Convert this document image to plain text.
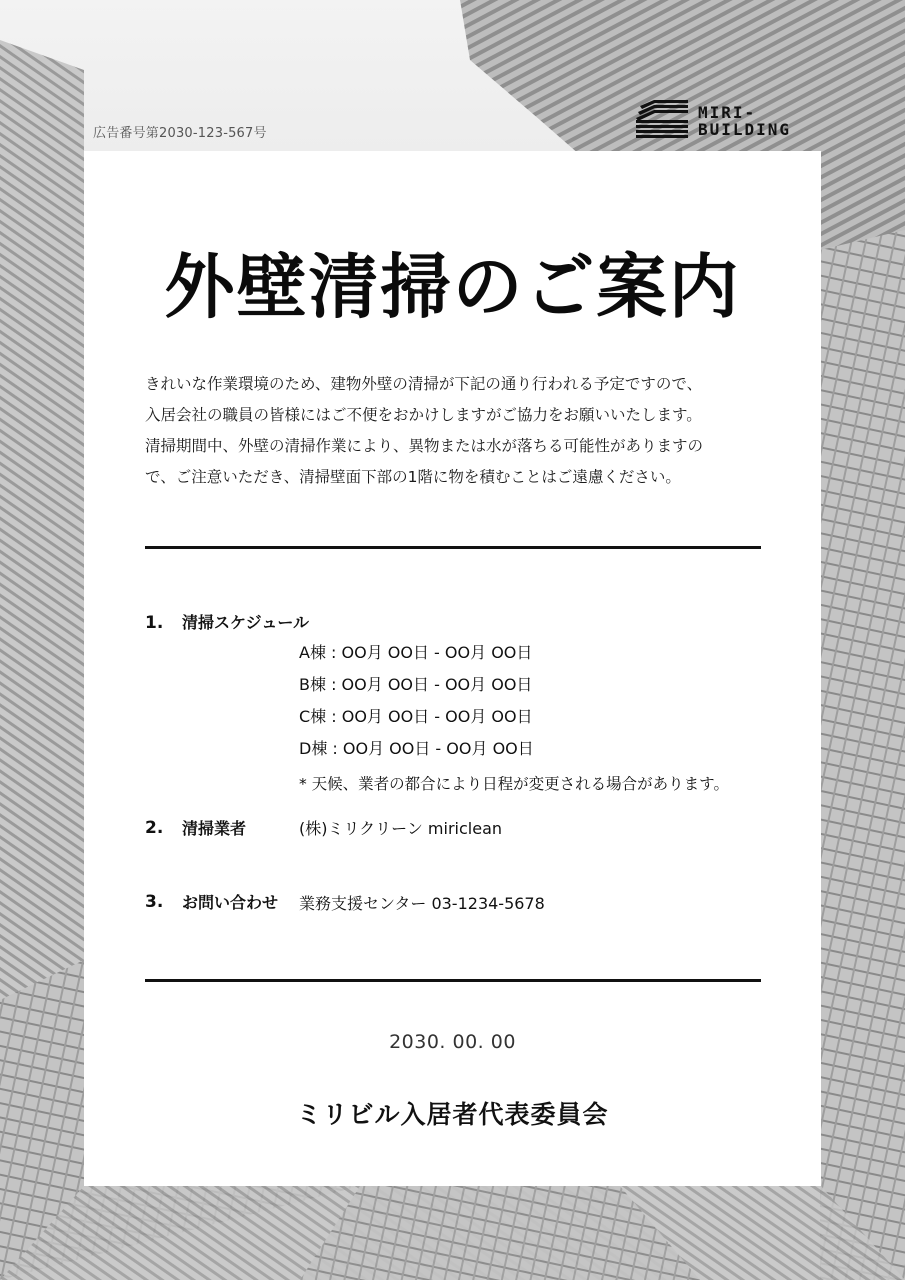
広告番号第2030-123-567号
MIRI-
BUILDING
外壁清掃のご案内

きれいな作業環境のため、建物外壁の清掃が下記の通り行われる予定ですので、

入居会社の職員の皆様にはご不便をおかけしますがご協力をお願いいたします。

清掃期間中、外壁の清掃作業により、異物または水が落ちる可能性がありますの

で、ご注意いただき、清掃壁面下部の1階に物を積むことはご遠慮ください。

1. 清掃スケジュール
A棟 : OO月 OO日 - OO月 OO日
B棟 : OO月 OO日 - OO月 OO日
C棟 : OO月 OO日 - OO月 OO日
D棟 : OO月 OO日 - OO月 OO日
* 天候、業者の都合により日程が変更される場合があります。
2. 清掃業者	(株)ミリクリーン miriclean
3. お問い合わせ 業務支援センター 03-1234-5678
2030. 00. 00
ミリビル入居者代表委員会
